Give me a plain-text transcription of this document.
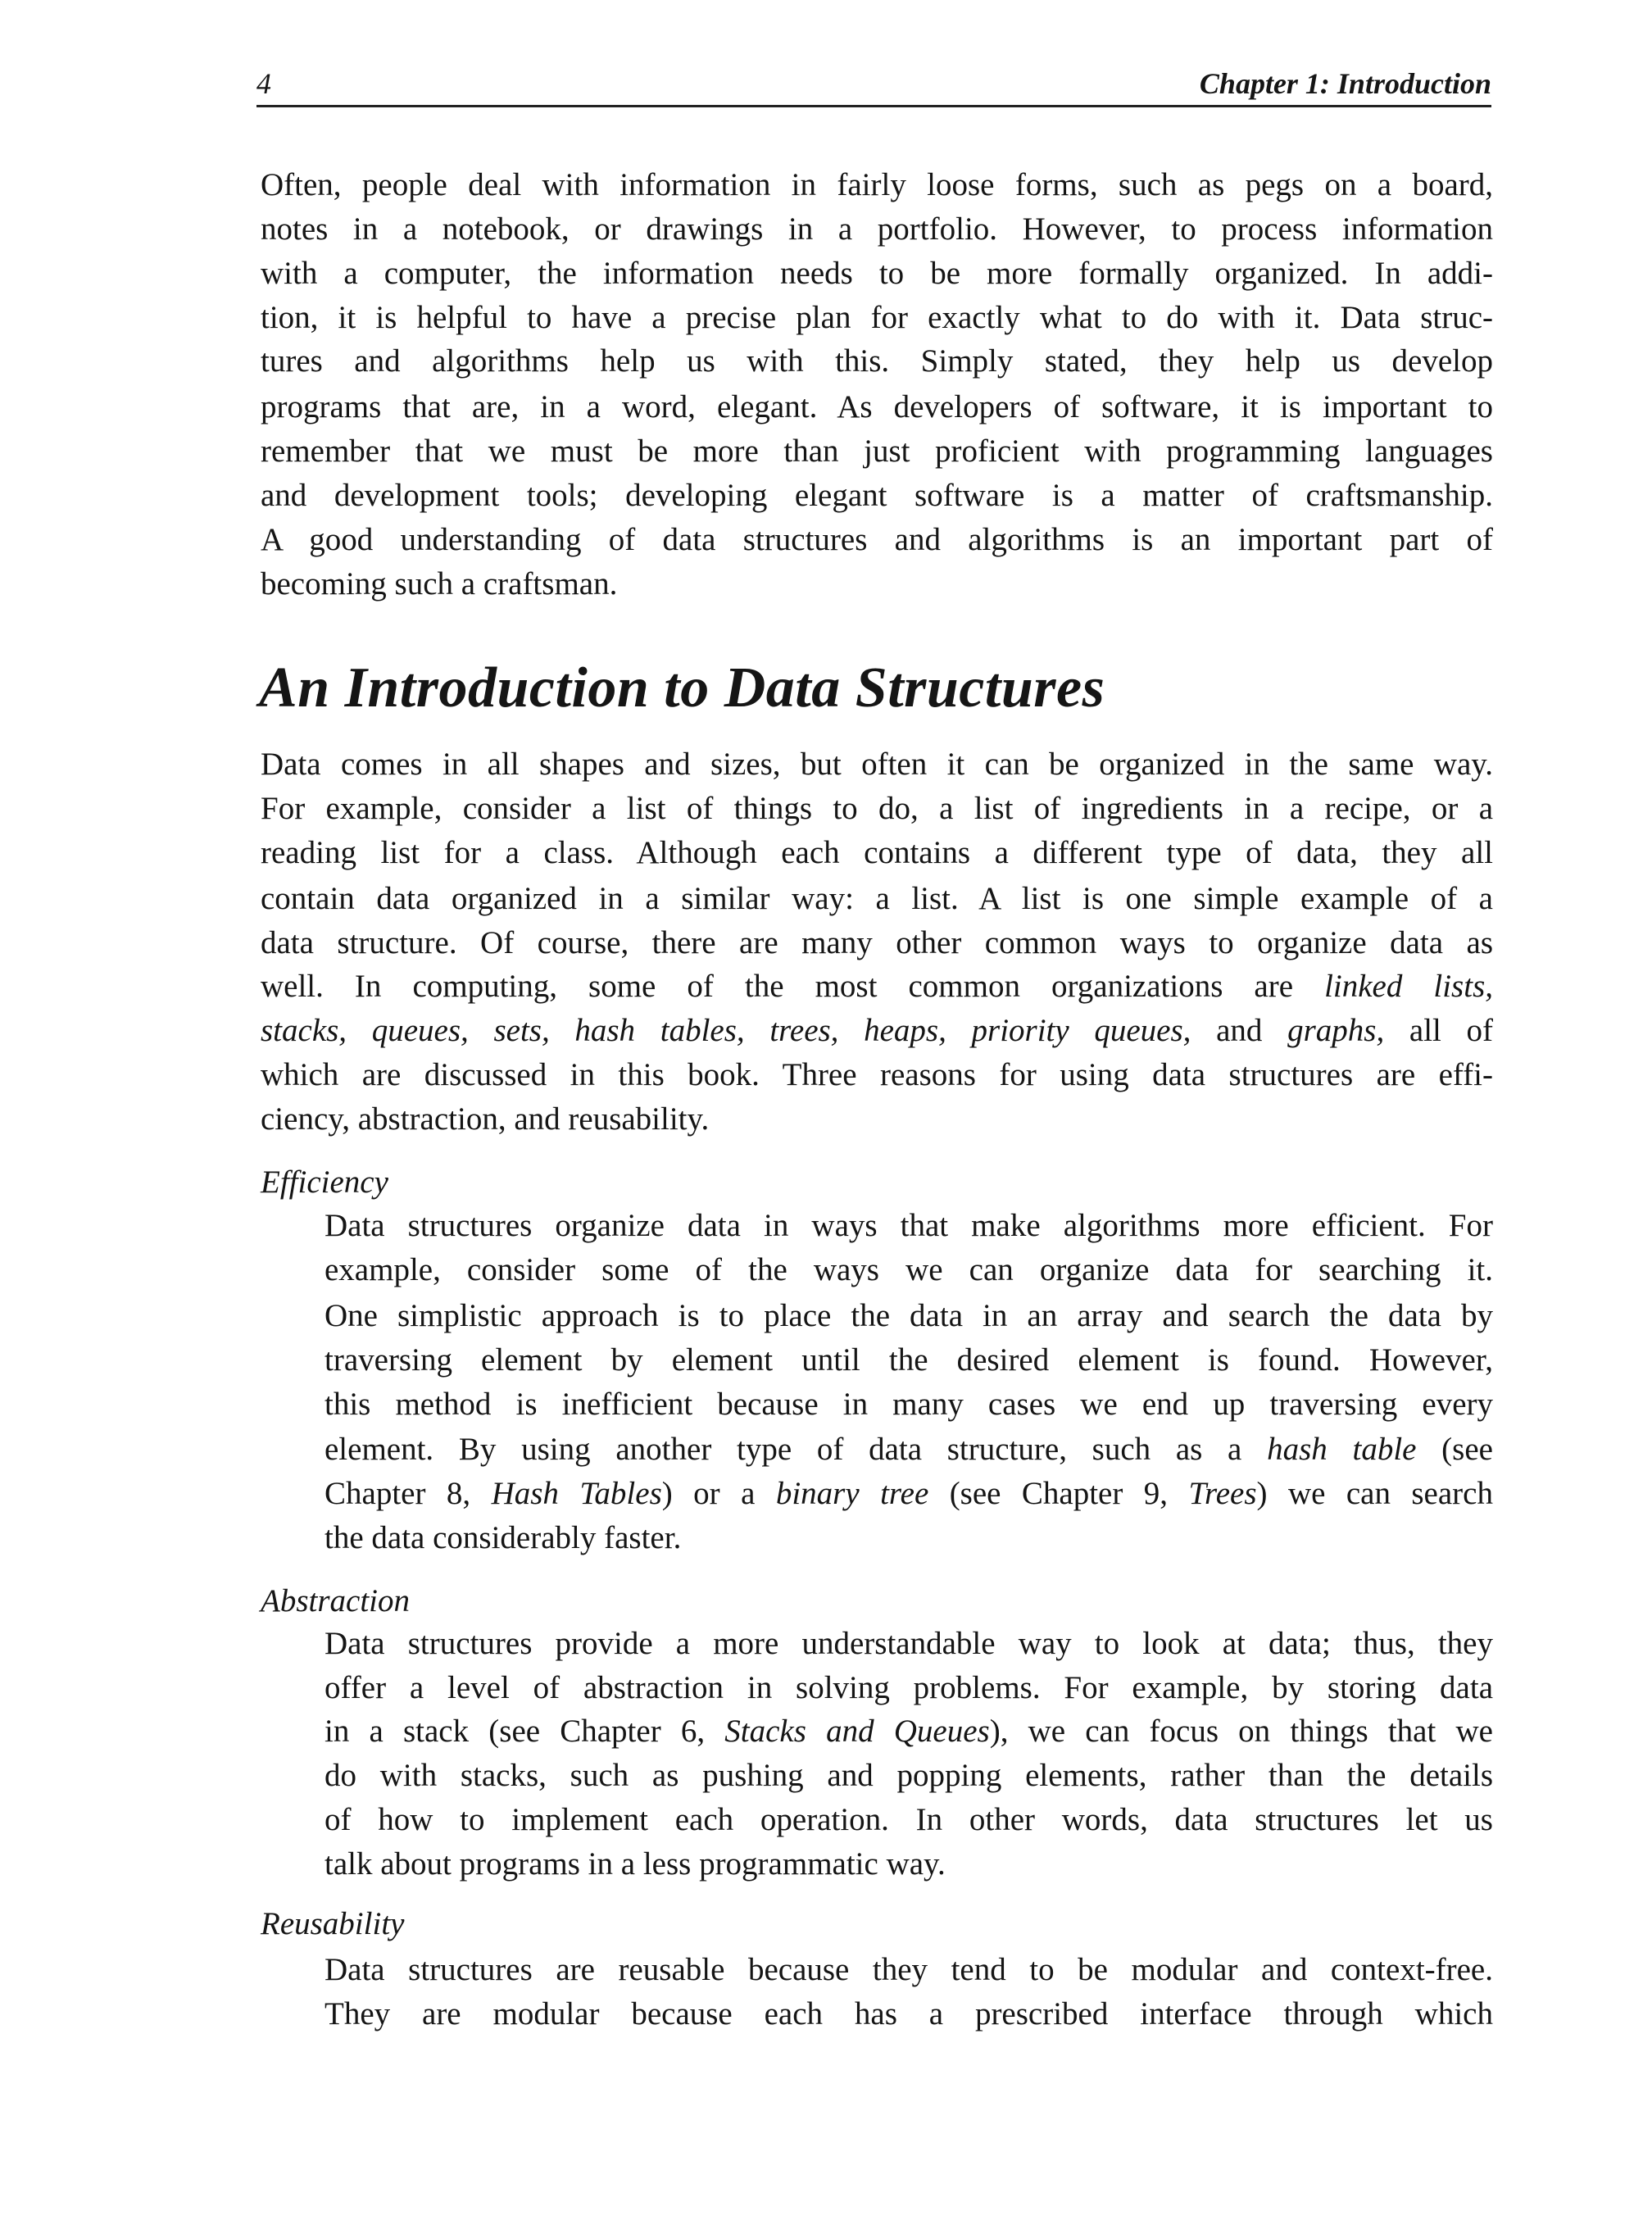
4	Chapter 1: Introduction
An Introduction to Data Structures
Often, people deal with information in fairly loose forms, such as pegs on a board,
notes in a notebook, or drawings in a portfolio. However, to process information
with a computer, the information needs to be more formally organized. In addi-
tion, it is helpful to have a precise plan for exactly what to do with it. Data struc-
tures and algorithms help us with this. Simply stated, they help us develop
programs that are, in a word, elegant. As developers of software, it is important to
remember that we must be more than just proficient with programming languages
and development tools; developing elegant software is a matter of craftsmanship.
A good understanding of data structures and algorithms is an important part of
becoming such a craftsman.
Data comes in all shapes and sizes, but often it can be organized in the same way.
For example, consider a list of things to do, a list of ingredients in a recipe, or a
reading list for a class. Although each contains a different type of data, they all
contain data organized in a similar way: a list. A list is one simple example of a
data structure. Of course, there are many other common ways to organize data as
well. In computing, some of the most common organizations are linked lists,
stacks, queues, sets, hash tables, trees, heaps, priority queues, and graphs, all of
which are discussed in this book. Three reasons for using data structures are effi-
ciency, abstraction, and reusability.
Efficiency
Data structures organize data in ways that make algorithms more efficient. For
example, consider some of the ways we can organize data for searching it.
One simplistic approach is to place the data in an array and search the data by
traversing element by element until the desired element is found. However,
this method is inefficient because in many cases we end up traversing every
element. By using another type of data structure, such as a hash table (see
Chapter 8, Hash Tables) or a binary tree (see Chapter 9, Trees) we can search
the data considerably faster.
Abstraction
Data structures provide a more understandable way to look at data; thus, they
offer a level of abstraction in solving problems. For example, by storing data
in a stack (see Chapter 6, Stacks and Queues), we can focus on things that we
do with stacks, such as pushing and popping elements, rather than the details
of how to implement each operation. In other words, data structures let us
talk about programs in a less programmatic way.
Reusability
Data structures are reusable because they tend to be modular and context-free.
They are modular because each has a prescribed interface through which
